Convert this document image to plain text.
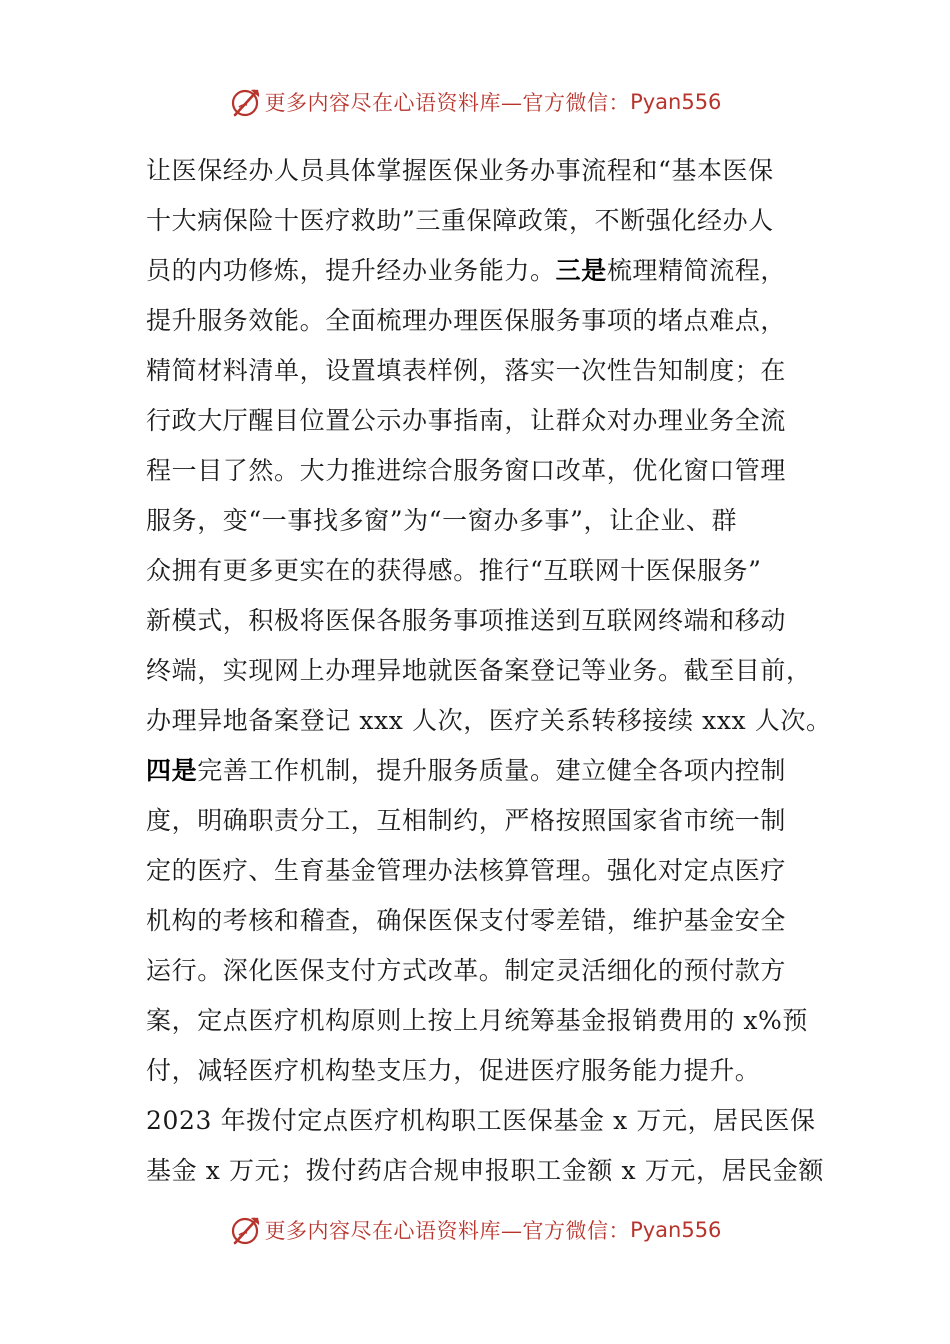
更多内容尽在心语资料库—官方微信： Pyan556
让医保经办人员具体掌握医保业务办事流程和“基本医保
十大病保险十医疗救助”三重保障政策，不断强化经办人
员的内功修炼，提升经办业务能力。三是梳理精简流程，
提升服务效能。全面梳理办理医保服务事项的堵点难点，
精简材料清单，设置填表样例，落实一次性告知制度；在
行政大厅醒目位置公示办事指南，让群众对办理业务全流
程一目了然。大力推进综合服务窗口改革，优化窗口管理
服务，变“一事找多窗”为“一窗办多事”，让企业、群
众拥有更多更实在的获得感。推行“互联网十医保服务”
新模式，积极将医保各服务事项推送到互联网终端和移动
终端，实现网上办理异地就医备案登记等业务。截至目前，
办理异地备案登记 xxx 人次，医疗关系转移接续 xxx 人次。
四是完善工作机制，提升服务质量。建立健全各项内控制
度，明确职责分工，互相制约，严格按照国家省市统一制
定的医疗、生育基金管理办法核算管理。强化对定点医疗
机构的考核和稽查，确保医保支付零差错，维护基金安全
运行。深化医保支付方式改革。制定灵活细化的预付款方
案，定点医疗机构原则上按上月统筹基金报销费用的 x%预
付，减轻医疗机构垫支压力，促进医疗服务能力提升。
2023 年拨付定点医疗机构职工医保基金 x 万元，居民医保
基金 x 万元；拨付药店合规申报职工金额 x 万元，居民金额
更多内容尽在心语资料库—官方微信： Pyan556
